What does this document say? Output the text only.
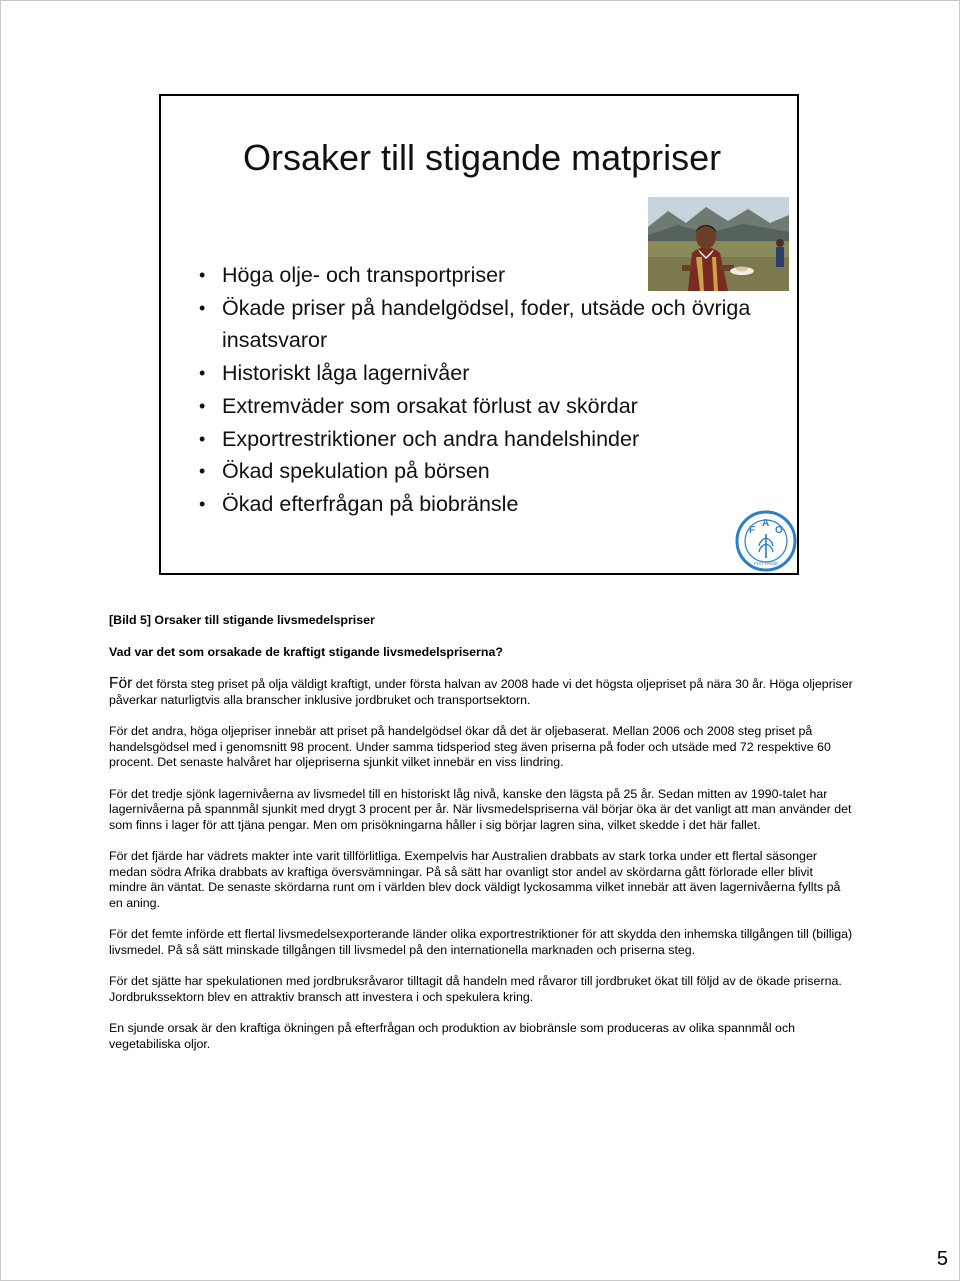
Orsaker till stigande matpriser
• Höga olje- och transportpriser
• Ökade priser på handelgödsel, foder, utsäde och övriga insatsvaror
• Historiskt låga lagernivåer
• Extremväder som orsakat förlust av skördar
• Exportrestriktioner och andra handelshinder
• Ökad spekulation på börsen
• Ökad efterfrågan på biobränsle
F
A
O
FIAT PANIS

[Bild 5] Orsaker till stigande livsmedelspriser

Vad var det som orsakade de kraftigt stigande livsmedelspriserna?

För det första steg priset på olja väldigt kraftigt, under första halvan av 2008 hade vi det högsta oljepriset på nära 30 år. Höga oljepriser påverkar naturligtvis alla branscher inklusive jordbruket och transportsektorn.

För det andra, höga oljepriser innebär att priset på handelgödsel ökar då det är oljebaserat. Mellan 2006 och 2008 steg priset på handelsgödsel med i genomsnitt 98 procent. Under samma tidsperiod steg även priserna på foder och utsäde med 72 respektive 60 procent. Det senaste halvåret har oljepriserna sjunkit vilket innebär en viss lindring.

För det tredje sjönk lagernivåerna av livsmedel till en historiskt låg nivå, kanske den lägsta på 25 år. Sedan mitten av 1990-talet har lagernivåerna på spannmål sjunkit med drygt 3 procent per år. När livsmedelspriserna väl börjar öka är det vanligt att man använder det som finns i lager för att tjäna pengar. Men om prisökningarna håller i sig börjar lagren sina, vilket skedde i det här fallet.

För det fjärde har vädrets makter inte varit tillförlitliga. Exempelvis har Australien drabbats av stark torka under ett flertal säsonger medan södra Afrika drabbats av kraftiga översvämningar. På så sätt har ovanligt stor andel av skördarna gått förlorade eller blivit mindre än väntat. De senaste skördarna runt om i världen blev dock väldigt lyckosamma vilket innebär att även lagernivåerna fyllts på en aning.

För det femte införde ett flertal livsmedelsexporterande länder olika exportrestriktioner för att skydda den inhemska tillgången till (billiga) livsmedel. På så sätt minskade tillgången till livsmedel på den internationella marknaden och priserna steg.

För det sjätte har spekulationen med jordbruksråvaror tilltagit då handeln med råvaror till jordbruket ökat till följd av de ökade priserna. Jordbrukssektorn blev en attraktiv bransch att investera i och spekulera kring.

En sjunde orsak är den kraftiga ökningen på efterfrågan och produktion av biobränsle som produceras av olika spannmål och vegetabiliska oljor.

5
